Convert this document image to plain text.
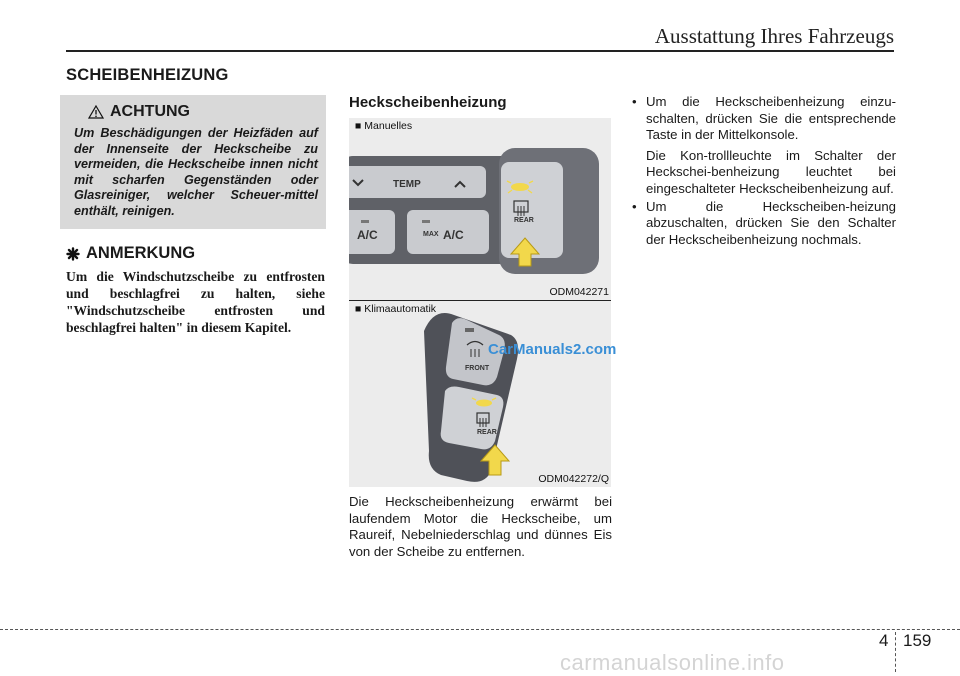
Ausstattung Ihres Fahrzeugs
SCHEIBENHEIZUNG
ACHTUNG
Um Beschädigungen der Heizfäden auf der Innenseite der Heckscheibe zu vermeiden, die Heckscheibe innen nicht mit scharfen Gegenständen oder Glasreiniger, welcher Scheuer-mittel enthält, reinigen.
ANMERKUNG
Um die Windschutzscheibe zu entfrosten und beschlagfrei zu halten, siehe "Windschutzscheibe entfrosten und beschlagfrei halten" in diesem Kapitel.
Heckscheibenheizung
■ Manuelles
TEMP
A/C	MAX A/C
REAR
ODM042271
■ Klimaautomatik
FRONT
REAR
ODM042272/Q
CarManuals2.com
Die Heckscheibenheizung erwärmt bei laufendem Motor die Heckscheibe, um Raureif, Nebelniederschlag und dünnes Eis von der Scheibe zu entfernen.
• Um die Heckscheibenheizung einzu-schalten, drücken Sie die entsprechende Taste in der Mittelkonsole.
Die Kon-trollleuchte im Schalter der Heckschei-benheizung leuchtet bei eingeschalteter Heckscheibenheizung auf.
• Um die Heckscheiben-heizung abzuschalten, drücken Sie den Schalter der Heckscheibenheizung nochmals.
4 159
carmanualsonline.info
